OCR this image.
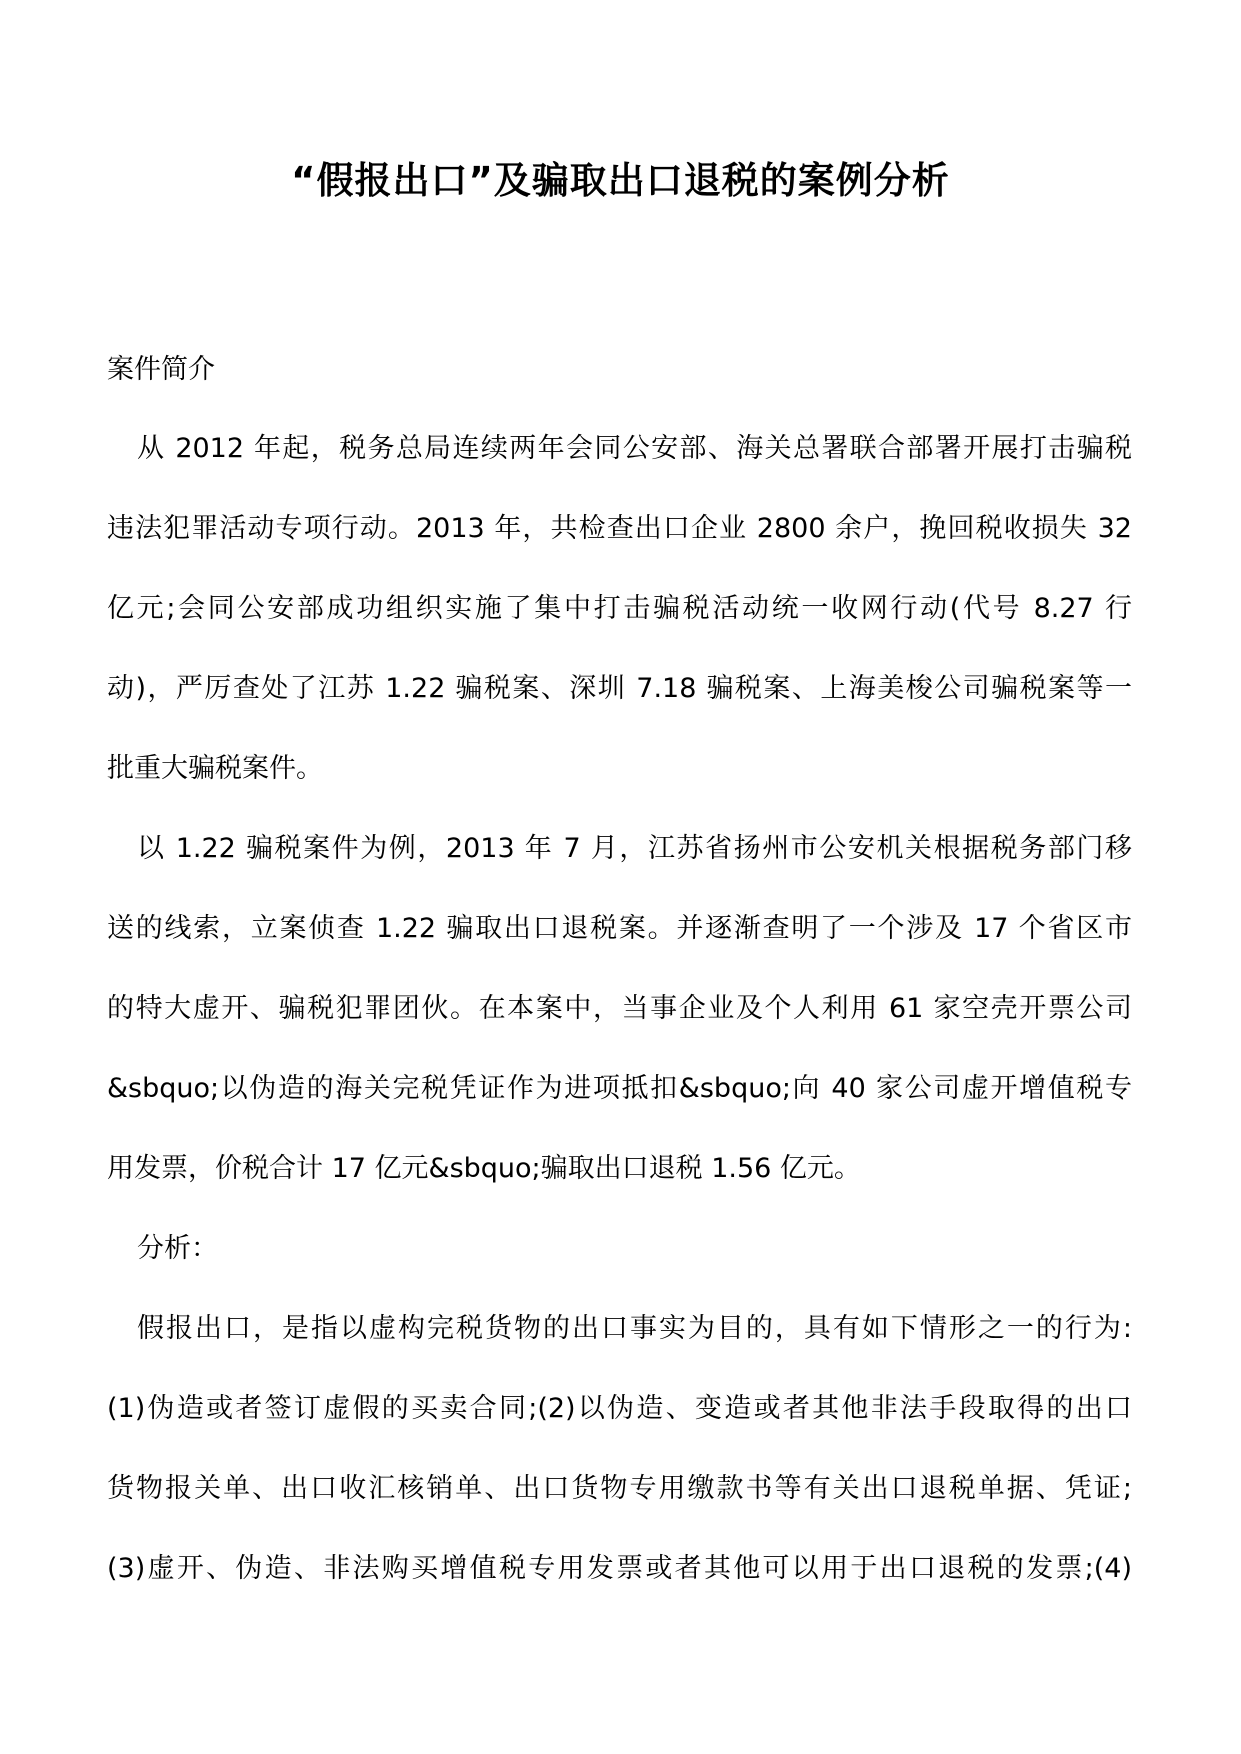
“假报出口”及骗取出口退税的案例分析
案件简介
从 2012 年起，税务总局连续两年会同公安部、海关总署联合部署开展打击骗税
违法犯罪活动专项行动。2013 年，共检查出口企业 2800 余户，挽回税收损失 32
亿元;会同公安部成功组织实施了集中打击骗税活动统一收网行动(代号 8.27 行
动)，严厉查处了江苏 1.22 骗税案、深圳 7.18 骗税案、上海美梭公司骗税案等一
批重大骗税案件。
以 1.22 骗税案件为例，2013 年 7 月，江苏省扬州市公安机关根据税务部门移
送的线索，立案侦查 1.22 骗取出口退税案。并逐渐查明了一个涉及 17 个省区市
的特大虚开、骗税犯罪团伙。在本案中，当事企业及个人利用 61 家空壳开票公司
&sbquo;以伪造的海关完税凭证作为进项抵扣&sbquo;向 40 家公司虚开增值税专
用发票，价税合计 17 亿元&sbquo;骗取出口退税 1.56 亿元。
分析：
假报出口，是指以虚构完税货物的出口事实为目的，具有如下情形之一的行为:
(1)伪造或者签订虚假的买卖合同;(2)以伪造、变造或者其他非法手段取得的出口
货物报关单、出口收汇核销单、出口货物专用缴款书等有关出口退税单据、凭证;
(3)虚开、伪造、非法购买增值税专用发票或者其他可以用于出口退税的发票;(4)
